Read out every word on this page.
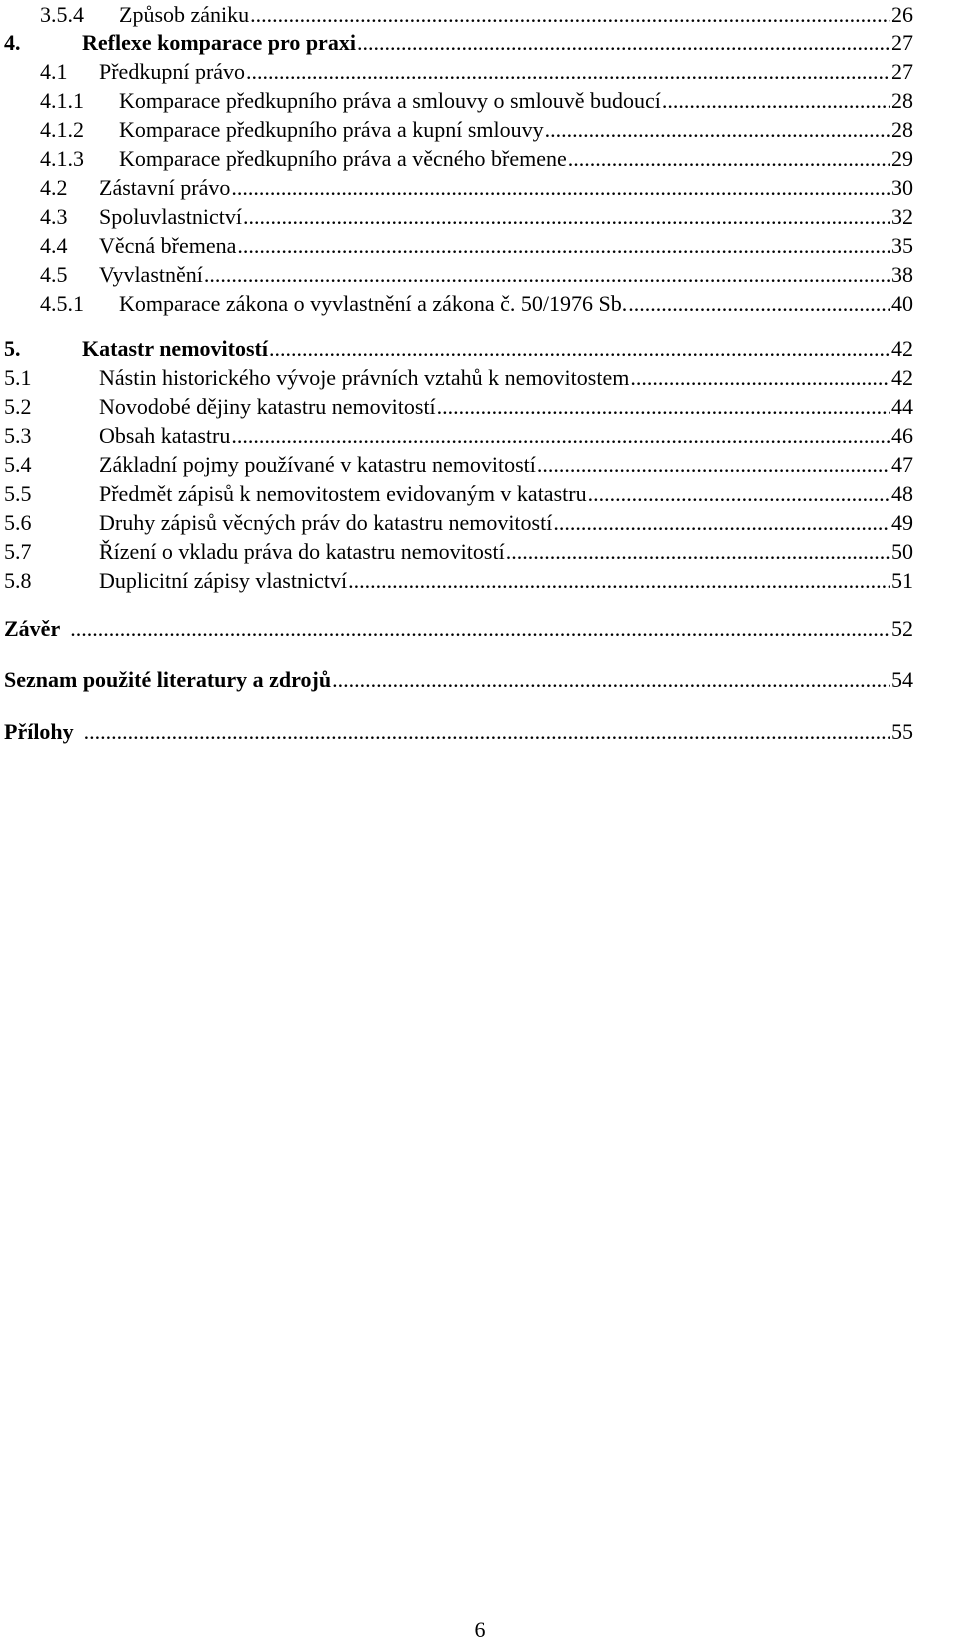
3.5.4 Způsob zániku .....	26
4.	Reflexe komparace pro praxi .....	27
4.1 Předkupní právo .....	27
4.1.1 Komparace předkupního práva a smlouvy o smlouvě budoucí .....	28
4.1.2 Komparace předkupního práva a kupní smlouvy .....	28
4.1.3 Komparace předkupního práva a věcného břemene .....	29
4.2 Zástavní právo .....	30
4.3 Spoluvlastnictví .....	32
4.4 Věcná břemena .....	35
4.5 Vyvlastnění .....	38
4.5.1 Komparace zákona o vyvlastnění a zákona č. 50/1976 Sb. .....	40
5.	Katastr nemovitostí .....	42
5.1	Nástin historického vývoje právních vztahů k nemovitostem .....	42
5.2	Novodobé dějiny katastru nemovitostí .....	44
5.3	Obsah katastru .....	46
5.4	Základní pojmy používané v katastru nemovitostí .....	47
5.5	Předmět zápisů k nemovitostem evidovaným v katastru .....	48
5.6	Druhy zápisů věcných práv do katastru nemovitostí .....	49
5.7	Řízení o vkladu práva do katastru nemovitostí .....	50
5.8	Duplicitní zápisy vlastnictví .....	51
Závěr .....	52
Seznam použité literatury a zdrojů .....	54
Přílohy .....	55
6
